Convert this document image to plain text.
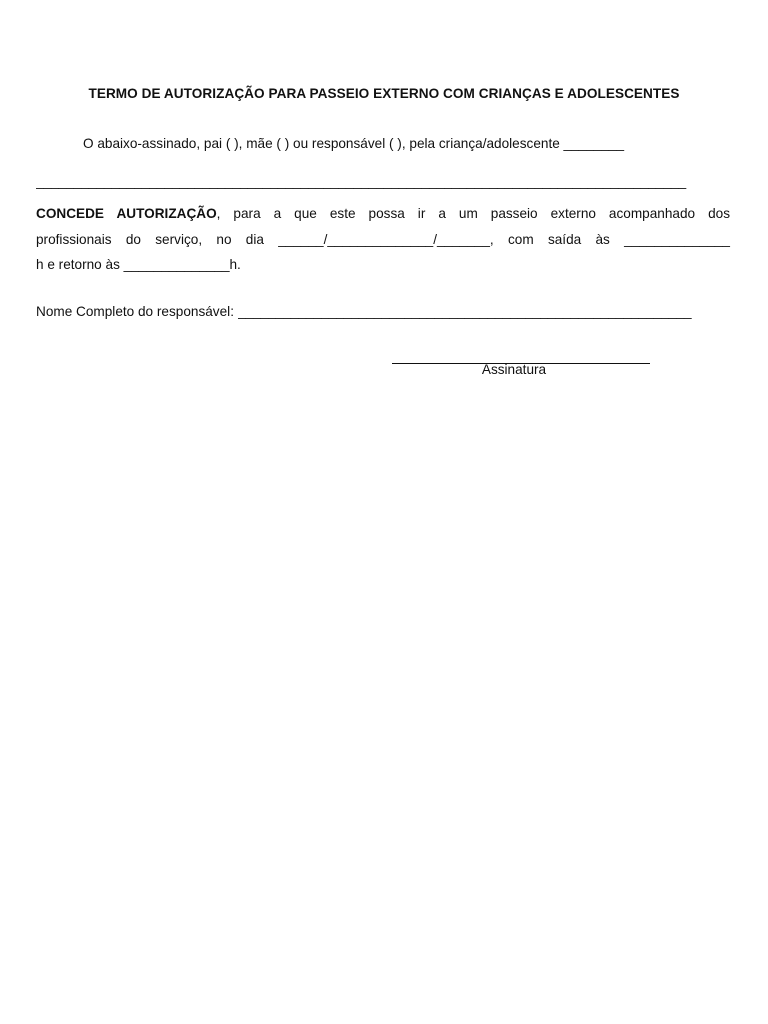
TERMO DE AUTORIZAÇÃO PARA PASSEIO EXTERNO COM CRIANÇAS E ADOLESCENTES
O abaixo-assinado, pai ( ), mãe ( ) ou responsável ( ), pela criança/adolescente ________
______________________________________________________________________________________
CONCEDE AUTORIZAÇÃO, para a que este possa ir a um passeio externo acompanhado dos
profissionais do serviço, no dia ______/______________/_______, com saída às ______________
h e retorno às ______________h.
Nome Completo do responsável: ____________________________________________________________
Assinatura
